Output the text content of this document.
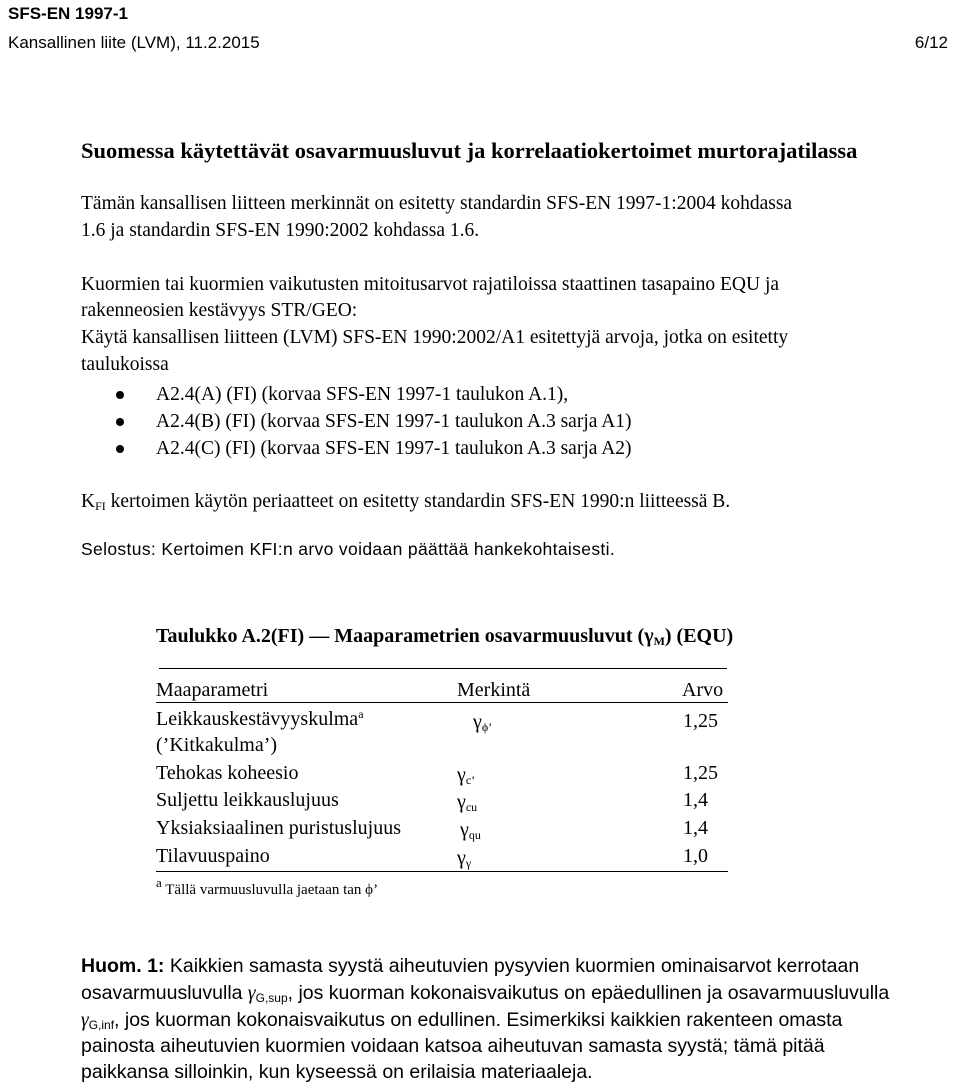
SFS-EN 1997-1
Kansallinen liite (LVM), 11.2.2015	6/12
Suomessa käytettävät osavarmuusluvut ja korrelaatiokertoimet murtorajatilassa
Tämän kansallisen liitteen merkinnät on esitetty standardin SFS-EN 1997-1:2004 kohdassa
1.6 ja standardin SFS-EN 1990:2002 kohdassa 1.6.
Kuormien tai kuormien vaikutusten mitoitusarvot rajatiloissa staattinen tasapaino EQU ja
rakenneosien kestävyys STR/GEO:
Käytä kansallisen liitteen (LVM) SFS-EN 1990:2002/A1 esitettyjä arvoja, jotka on esitetty
taulukoissa
A2.4(A) (FI) (korvaa SFS-EN 1997-1 taulukon A.1),
A2.4(B) (FI) (korvaa SFS-EN 1997-1 taulukon A.3 sarja A1)
A2.4(C) (FI) (korvaa SFS-EN 1997-1 taulukon A.3 sarja A2)
$K_{FI}$ kertoimen käytön periaatteet on esitetty standardin SFS-EN 1990:n liitteessä B.
Selostus: Kertoimen KFI:n arvo voidaan päättää hankekohtaisesti.
Taulukko A.2(FI) — Maaparametrien osavarmuusluvut $(\gamma_M)$ (EQU)
Maaparametri	Merkintä	Arvo
Leikkauskestävyyskulma$^a$
(’Kitkakulma’)
$\gamma_{\phi’}$	1,25
Tehokas koheesio	$\gamma_{c’}$	1,25
Suljettu leikkauslujuus	$\gamma_{cu}$	1,4
Yksiaksiaalinen puristuslujuus	$\gamma_{qu}$	1,4
Tilavuuspaino	$\gamma_\gamma$	1,0
a Tällä varmuusluvulla jaetaan tan ϕ’
Huom. 1: Kaikkien samasta syystä aiheutuvien pysyvien kuormien ominaisarvot kerrotaan
osavarmuusluvulla $\gamma_{G,sup}$, jos kuorman kokonaisvaikutus on epäedullinen ja osavarmuusluvulla
$\gamma_{G,inf}$, jos kuorman kokonaisvaikutus on edullinen. Esimerkiksi kaikkien rakenteen omasta
painosta aiheutuvien kuormien voidaan katsoa aiheutuvan samasta syystä; tämä pitää
paikkansa silloinkin, kun kyseessä on erilaisia materiaaleja.
